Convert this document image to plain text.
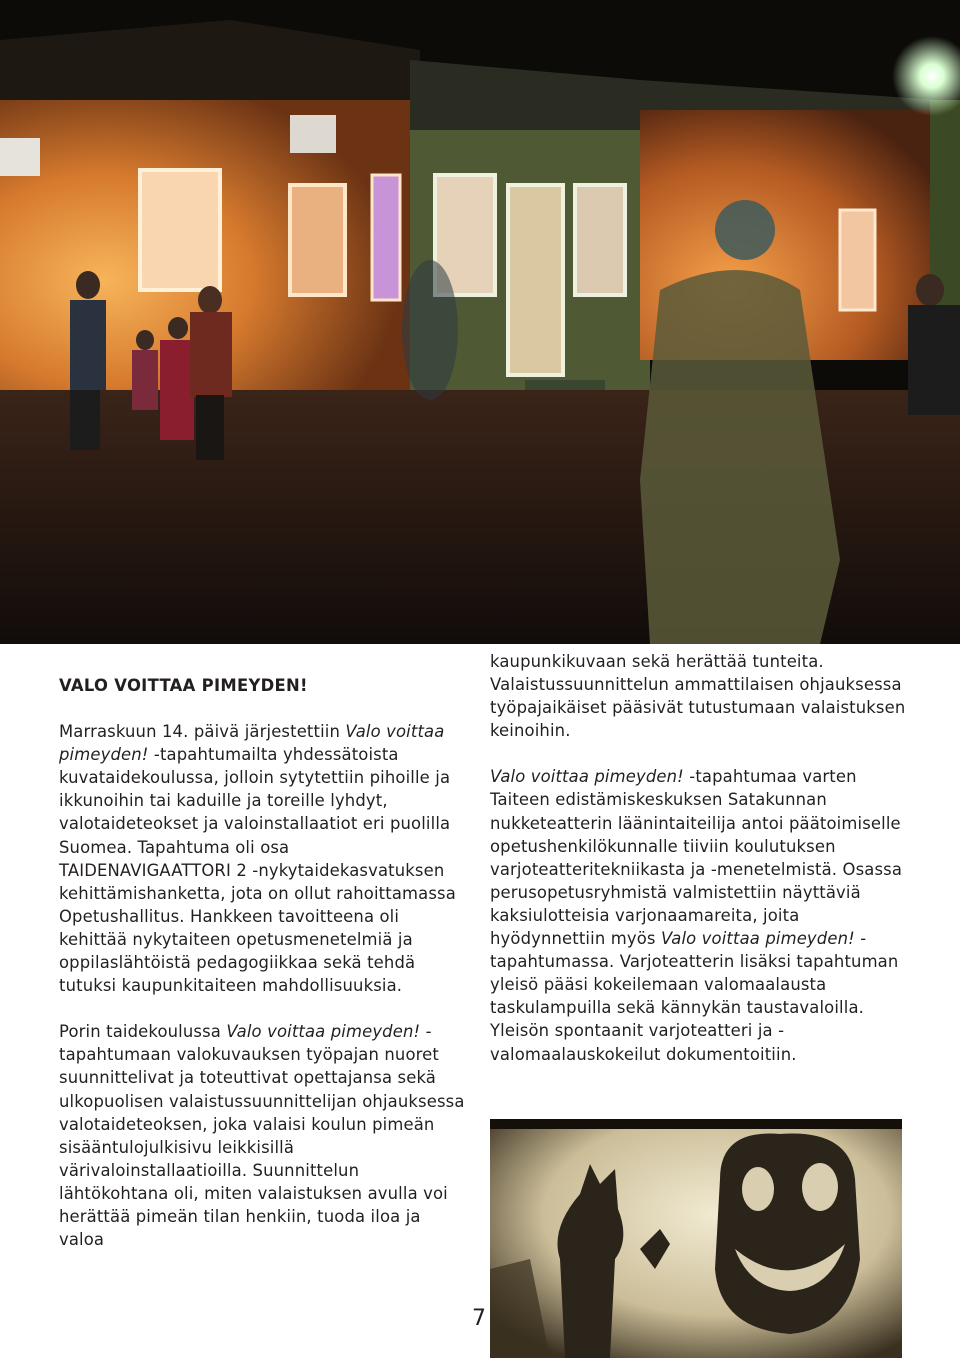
VALO VOITTAA PIMEYDEN!

Marraskuun 14. päivä järjestettiin Valo voittaa pimeyden! -tapahtumailta yhdessätoista kuvataidekoulussa, jolloin sytytettiin pihoille ja ikkunoihin tai kaduille ja toreille lyhdyt, valotaideteokset ja valoinstallaatiot eri puolilla Suomea. Tapahtuma oli osa TAIDENAVIGAATTORI 2 -nykytaidekasvatuksen kehittämishanketta, jota on ollut rahoittamassa Opetushallitus. Hankkeen tavoitteena oli kehittää nykytaiteen opetusmenetelmiä ja oppilaslähtöistä pedagogiikkaa sekä tehdä tutuksi kaupunkitaiteen mahdollisuuksia.

Porin taidekoulussa Valo voittaa pimeyden! -tapahtumaan valokuvauksen työpajan nuoret suunnittelivat ja toteuttivat opettajansa sekä ulkopuolisen valaistussuunnittelijan ohjauksessa valotaideteoksen, joka valaisi koulun pimeän sisääntulojulkisivu leikkisillä värivaloinstallaatioilla. Suunnittelun lähtökohtana oli, miten valaistuksen avulla voi herättää pimeän tilan henkiin, tuoda iloa ja valoa

kaupunkikuvaan sekä herättää tunteita. Valaistussuunnittelun ammattilaisen ohjauksessa työpajaikäiset pääsivät tutustumaan valaistuksen keinoihin.

Valo voittaa pimeyden! -tapahtumaa varten Taiteen edistämiskeskuksen Satakunnan nukketeatterin läänintaiteilija antoi päätoimiselle opetushenkilökunnalle tiiviin koulutuksen varjoteatteritekniikasta ja -menetelmistä. Osassa perusopetusryhmistä valmistettiin näyttäviä kaksiulotteisia varjonaamareita, joita hyödynnettiin myös Valo voittaa pimeyden! -tapahtumassa. Varjoteatterin lisäksi tapahtuman yleisö pääsi kokeilemaan valomaalausta taskulampuilla sekä kännykän taustavaloilla. Yleisön spontaanit varjoteatteri ja -valomaalauskokeilut dokumentoitiin.

7
